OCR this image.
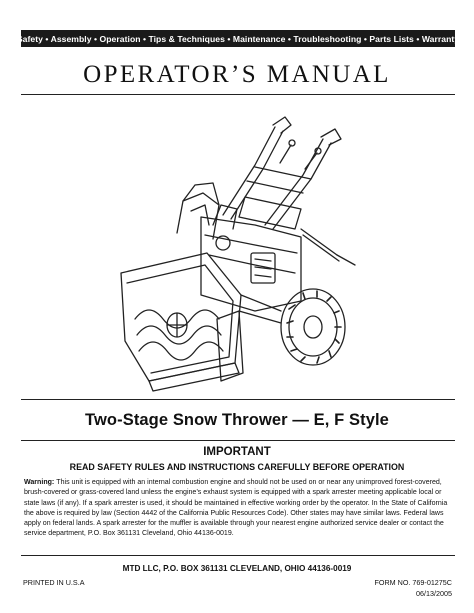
Safety • Assembly • Operation • Tips & Techniques • Maintenance • Troubleshooting • Parts Lists • Warranty
OPERATOR’S MANUAL
Two-Stage Snow Thrower — E, F Style
IMPORTANT
READ SAFETY RULES AND INSTRUCTIONS CAREFULLY BEFORE OPERATION
Warning: This unit is equipped with an internal combustion engine and should not be used on or near any unimproved forest-covered, brush-covered or grass-covered land unless the engine’s exhaust system is equipped with a spark arrester meeting applicable local or state laws (if any). If a spark arrester is used, it should be maintained in effective working order by the operator. In the State of California the above is required by law (Section 4442 of the California Public Resources Code). Other states may have similar laws. Federal laws apply on federal lands. A spark arrester for the muffler is available through your nearest engine authorized service dealer or contact the service department, P.O. Box 361131 Cleveland, Ohio 44136-0019.
MTD LLC, P.O. BOX 361131 CLEVELAND, OHIO 44136-0019
PRINTED IN U.S.A	FORM NO. 769-01275C
06/13/2005
